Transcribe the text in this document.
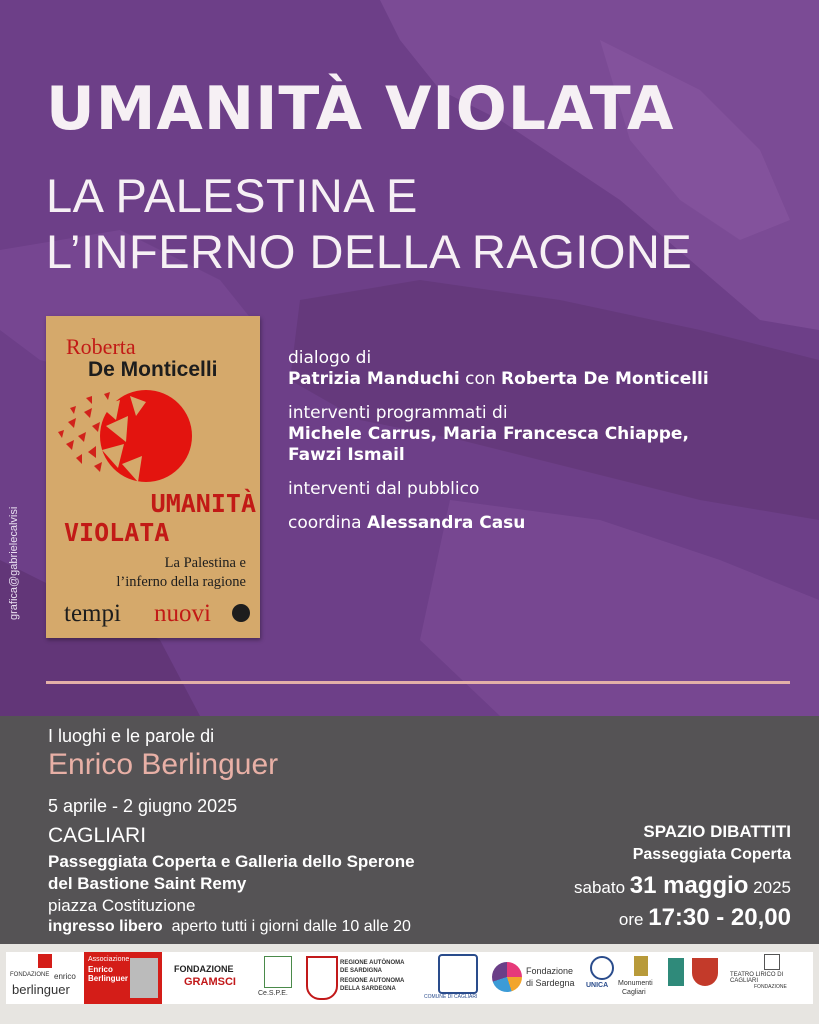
UMANITÀ VIOLATA
LA PALESTINA E
L’INFERNO DELLA RAGIONE
Roberta
De Monticelli
UMANITÀ
VIOLATA
La Palestina e
l’inferno della ragione
tempi nuovi
grafica@gabrielecalvisi
dialogo di
Patrizia Manduchi con Roberta De Monticelli
interventi programmati di
Michele Carrus, Maria Francesca Chiappe,
Fawzi Ismail
interventi dal pubblico
coordina Alessandra Casu
I luoghi e le parole di
Enrico Berlinguer
5 aprile - 2 giugno 2025
CAGLIARI
Passeggiata Coperta e Galleria dello Sperone
del Bastione Saint Remy
piazza Costituzione
ingresso libero aperto tutti i giorni dalle 10 alle 20
SPAZIO DIBATTITI
Passeggiata Coperta
sabato 31 maggio 2025
ore 17:30 - 20,00
FONDAZIONE enrico
berlinguer
Associazione
Enrico
Berlinguer
FONDAZIONE
GRAMSCI
Ce.S.P.E.
REGIONE AUTÒNOMA
DE SARDIGNA
REGIONE AUTONOMA
DELLA SARDEGNA
COMUNE DI CAGLIARI
Fondazione
di Sardegna UNICA Monumenti
Cagliari
TEATRO LIRICO DI CAGLIARI
FONDAZIONE
